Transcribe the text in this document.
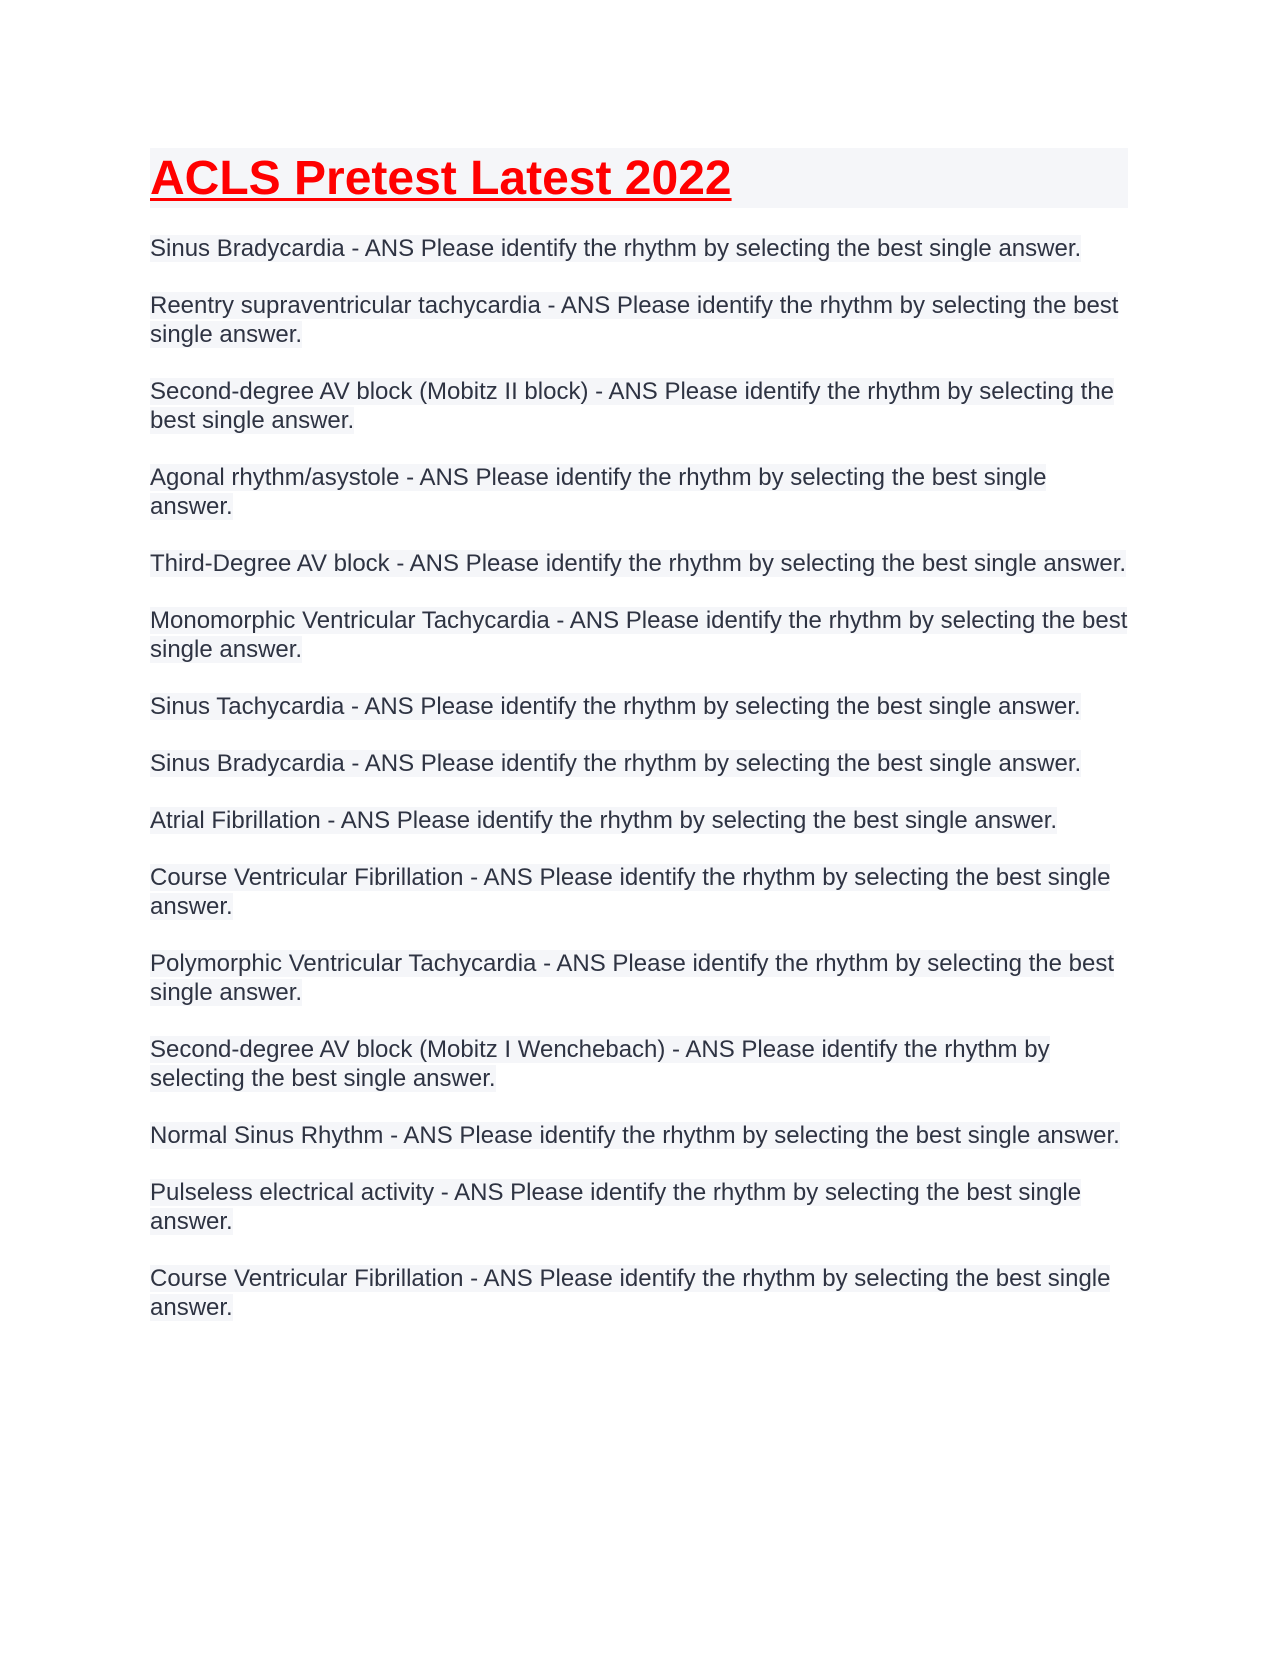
ACLS Pretest Latest 2022
Sinus Bradycardia - ANS Please identify the rhythm by selecting the best single answer.
Reentry supraventricular tachycardia - ANS Please identify the rhythm by selecting the best single answer.
Second-degree AV block (Mobitz II block) - ANS Please identify the rhythm by selecting the best single answer.
Agonal rhythm/asystole - ANS Please identify the rhythm by selecting the best single answer.
Third-Degree AV block - ANS Please identify the rhythm by selecting the best single answer.
Monomorphic Ventricular Tachycardia - ANS Please identify the rhythm by selecting the best single answer.
Sinus Tachycardia - ANS Please identify the rhythm by selecting the best single answer.
Sinus Bradycardia - ANS Please identify the rhythm by selecting the best single answer.
Atrial Fibrillation - ANS Please identify the rhythm by selecting the best single answer.
Course Ventricular Fibrillation - ANS Please identify the rhythm by selecting the best single answer.
Polymorphic Ventricular Tachycardia - ANS Please identify the rhythm by selecting the best single answer.
Second-degree AV block (Mobitz I Wenchebach) - ANS Please identify the rhythm by selecting the best single answer.
Normal Sinus Rhythm - ANS Please identify the rhythm by selecting the best single answer.
Pulseless electrical activity - ANS Please identify the rhythm by selecting the best single answer.
Course Ventricular Fibrillation - ANS Please identify the rhythm by selecting the best single answer.
